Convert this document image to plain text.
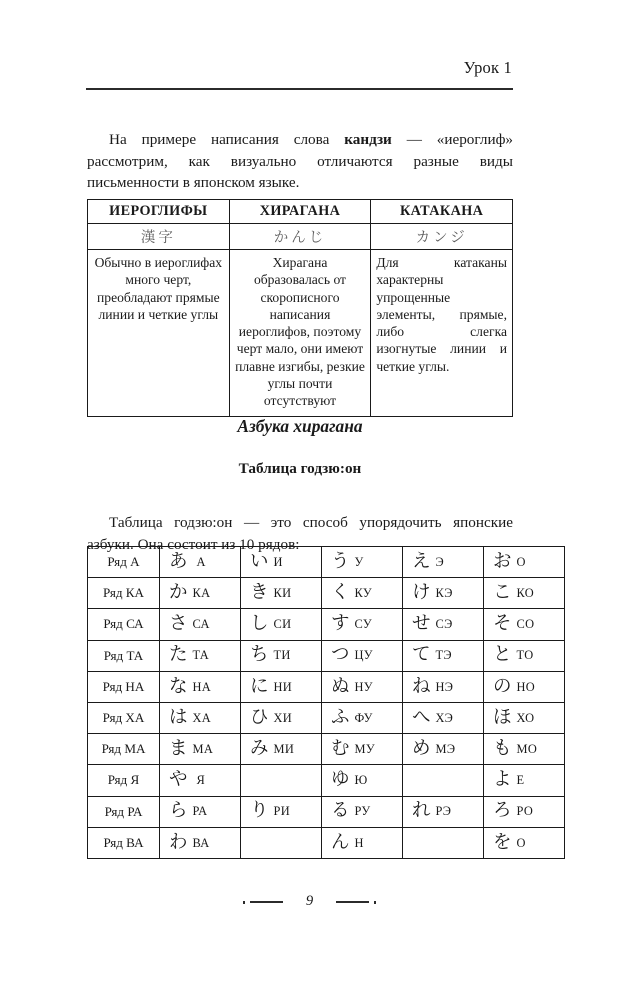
Урок 1

На примере написания слова кандзи — «иероглиф» рассмотрим, как визуально отличаются разные виды письменности в японском языке.

ИЕРОГЛИФЫ	ХИРАГАНА	КАТАКАНА
漢字	かんじ	カンジ
Обычно в иероглифах много черт, преобладают прямые линии и четкие углы	Хирагана образовалась от скорописного написания иероглифов, поэтому черт мало, они имеют плавне изгибы, резкие углы почти отсутствуют	Для катаканы характерны упрощенные элементы, прямые, либо слегка изогнутые линии и четкие углы.
Азбука хирагана
Таблица годзю:он

Таблица годзю:он — это способ упорядочить японские азбуки. Она состоит из 10 рядов:

Ряд А	あ А	い И	う У	え Э	お О
Ряд КА	か КА	き КИ	く КУ	け КЭ	こ КО
Ряд СА	さ СА	し СИ	す СУ	せ СЭ	そ СО
Ряд ТА	た ТА	ち ТИ	つ ЦУ	て ТЭ	と ТО
Ряд НА	な НА	に НИ	ぬ НУ	ね НЭ	の НО
Ряд ХА	は ХА	ひ ХИ	ふ ФУ	へ ХЭ	ほ ХО
Ряд МА	ま МА	み МИ	む МУ	め МЭ	も МО
Ряд Я	や Я		ゆ Ю		よ Е
Ряд РА	ら РА	り РИ	る РУ	れ РЭ	ろ РО
Ряд ВА	わ ВА		ん Н		を О
9
